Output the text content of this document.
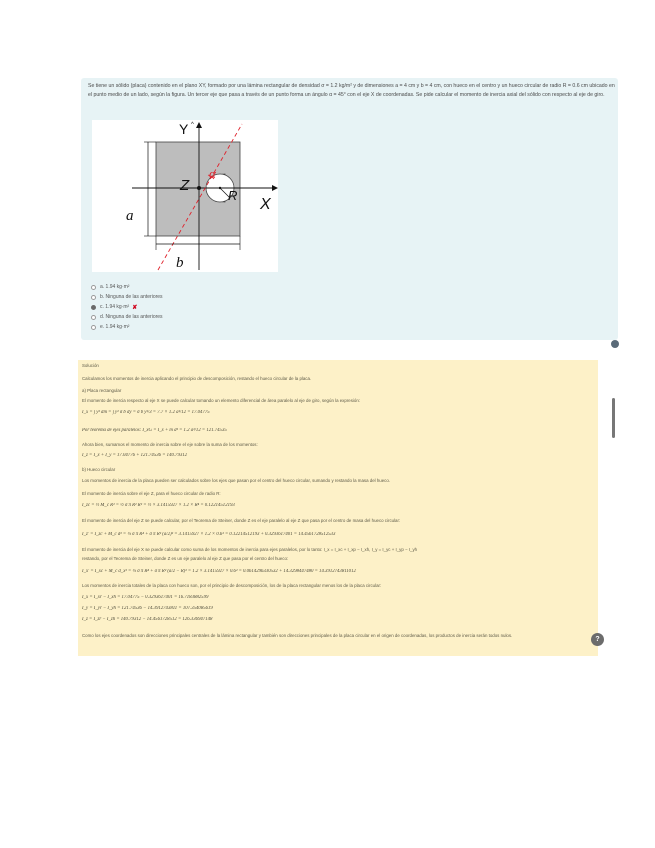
Se tiene un sólido (placa) contenido en el plano XY, formado por una lámina rectangular de densidad σ = 1.2 kg/m² y de dimensiones a = 4 cm y b = 4 cm, con hueco en el centro y un hueco circular de radio R = 0.6 cm ubicado en el punto medio de un lado, según la figura. Un tercer eje que pasa a través de un punto forma un ángulo α = 45° con el eje X de coordenadas. Se pide calcular el momento de inercia axial del sólido con respecto al eje de giro.
Y ^
X
Z
α
R
a
b
a. 1.94 kg·m²
b. Ninguna de las anteriores
c. 1.94 kg·m² ✘
d. Ninguna de las anteriores
e. 1.94 kg·m²
Solución
Calculamos los momentos de inercia aplicando el principio de descomposición, restando el hueco circular de la placa.
a) Placa rectangular
El momento de inercia respecto al eje X se puede calcular tomando un elemento diferencial de área paralelo al eje de giro, según la expresión:
I_x = ∫ y² dm = ∫ y² σ b dy = σ b y³/3 = 7.7 × 1.2 a³/12 = 17.04775
Por teorema de ejes paralelos: I_xG = I_x + m d² = 1.2 a³/12 = 121.74535
Ahora bien, sumamos el momento de inercia sobre el eje sobre la suma de los momentos:
I_z = I_x + I_y = 17.04776 + 121.74536 = 140.79312
b) Hueco circular
Los momentos de inercia de la placa pueden ser calculados sobre los ejes que pasan por el centro del hueco circular, sumando y restando la masa del hueco.
El momento de inercia sobre el eje Z, para el hueco circular de radio R:
I_zc = ½ M_c R² = ½ σ π R² R² = ½ × 3.1415927 × 1.2 × R⁴ = 0.12214512193
El momento de inercia del eje Z se puede calcular, por el Teorema de Steiner, donde Z es el eje paralelo al eje Z que pasa por el centro de masa del hueco circular:
I_z' = I_zc + M_c d² = ¼ σ π R⁴ + σ π R² (a/2)² = 3.1415927 × 1.2 × 0.6² = 0.12214512193 + 0.3293617401 = 14.4561728512533
El momento de inercia del eje X se puede calcular como suma de los momentos de inercia para ejes paralelos, por lo tanto: I_x = I_xc + I_xp − I_xh, I_y = I_yc + I_yp − I_yh
restando, por el Teorema de Steiner, donde Z es un eje paralelo al eje Z que pasa por el centro del hueco:
I_x' = I_xc + M_c d_x² = ¼ σ π R⁴ + σ π R² (a/2 − R)² = 1.2 × 3.1415927 × 0.6² = 0.0614296330532 + 14.3298447480 = 14.3912743811012
Los momentos de inercia totales de la placa con hueco son, por el principio de descomposición, los de la placa rectangular menos los de la placa circular:
I_x = I_xr − I_xh = 17.04775 − 0.3293617401 = 16.7183882599
I_y = I_yr − I_yh = 121.74536 − 14.3912743811 = 107.354085619
I_z = I_zr − I_zh = 140.79312 − 14.4561728512 = 126.336947148
Como los ejes coordenados son direcciones principales centrales de la lámina rectangular y también son direcciones principales de la placa circular en el origen de coordenadas, los productos de inercia serán todos nulos.
?
